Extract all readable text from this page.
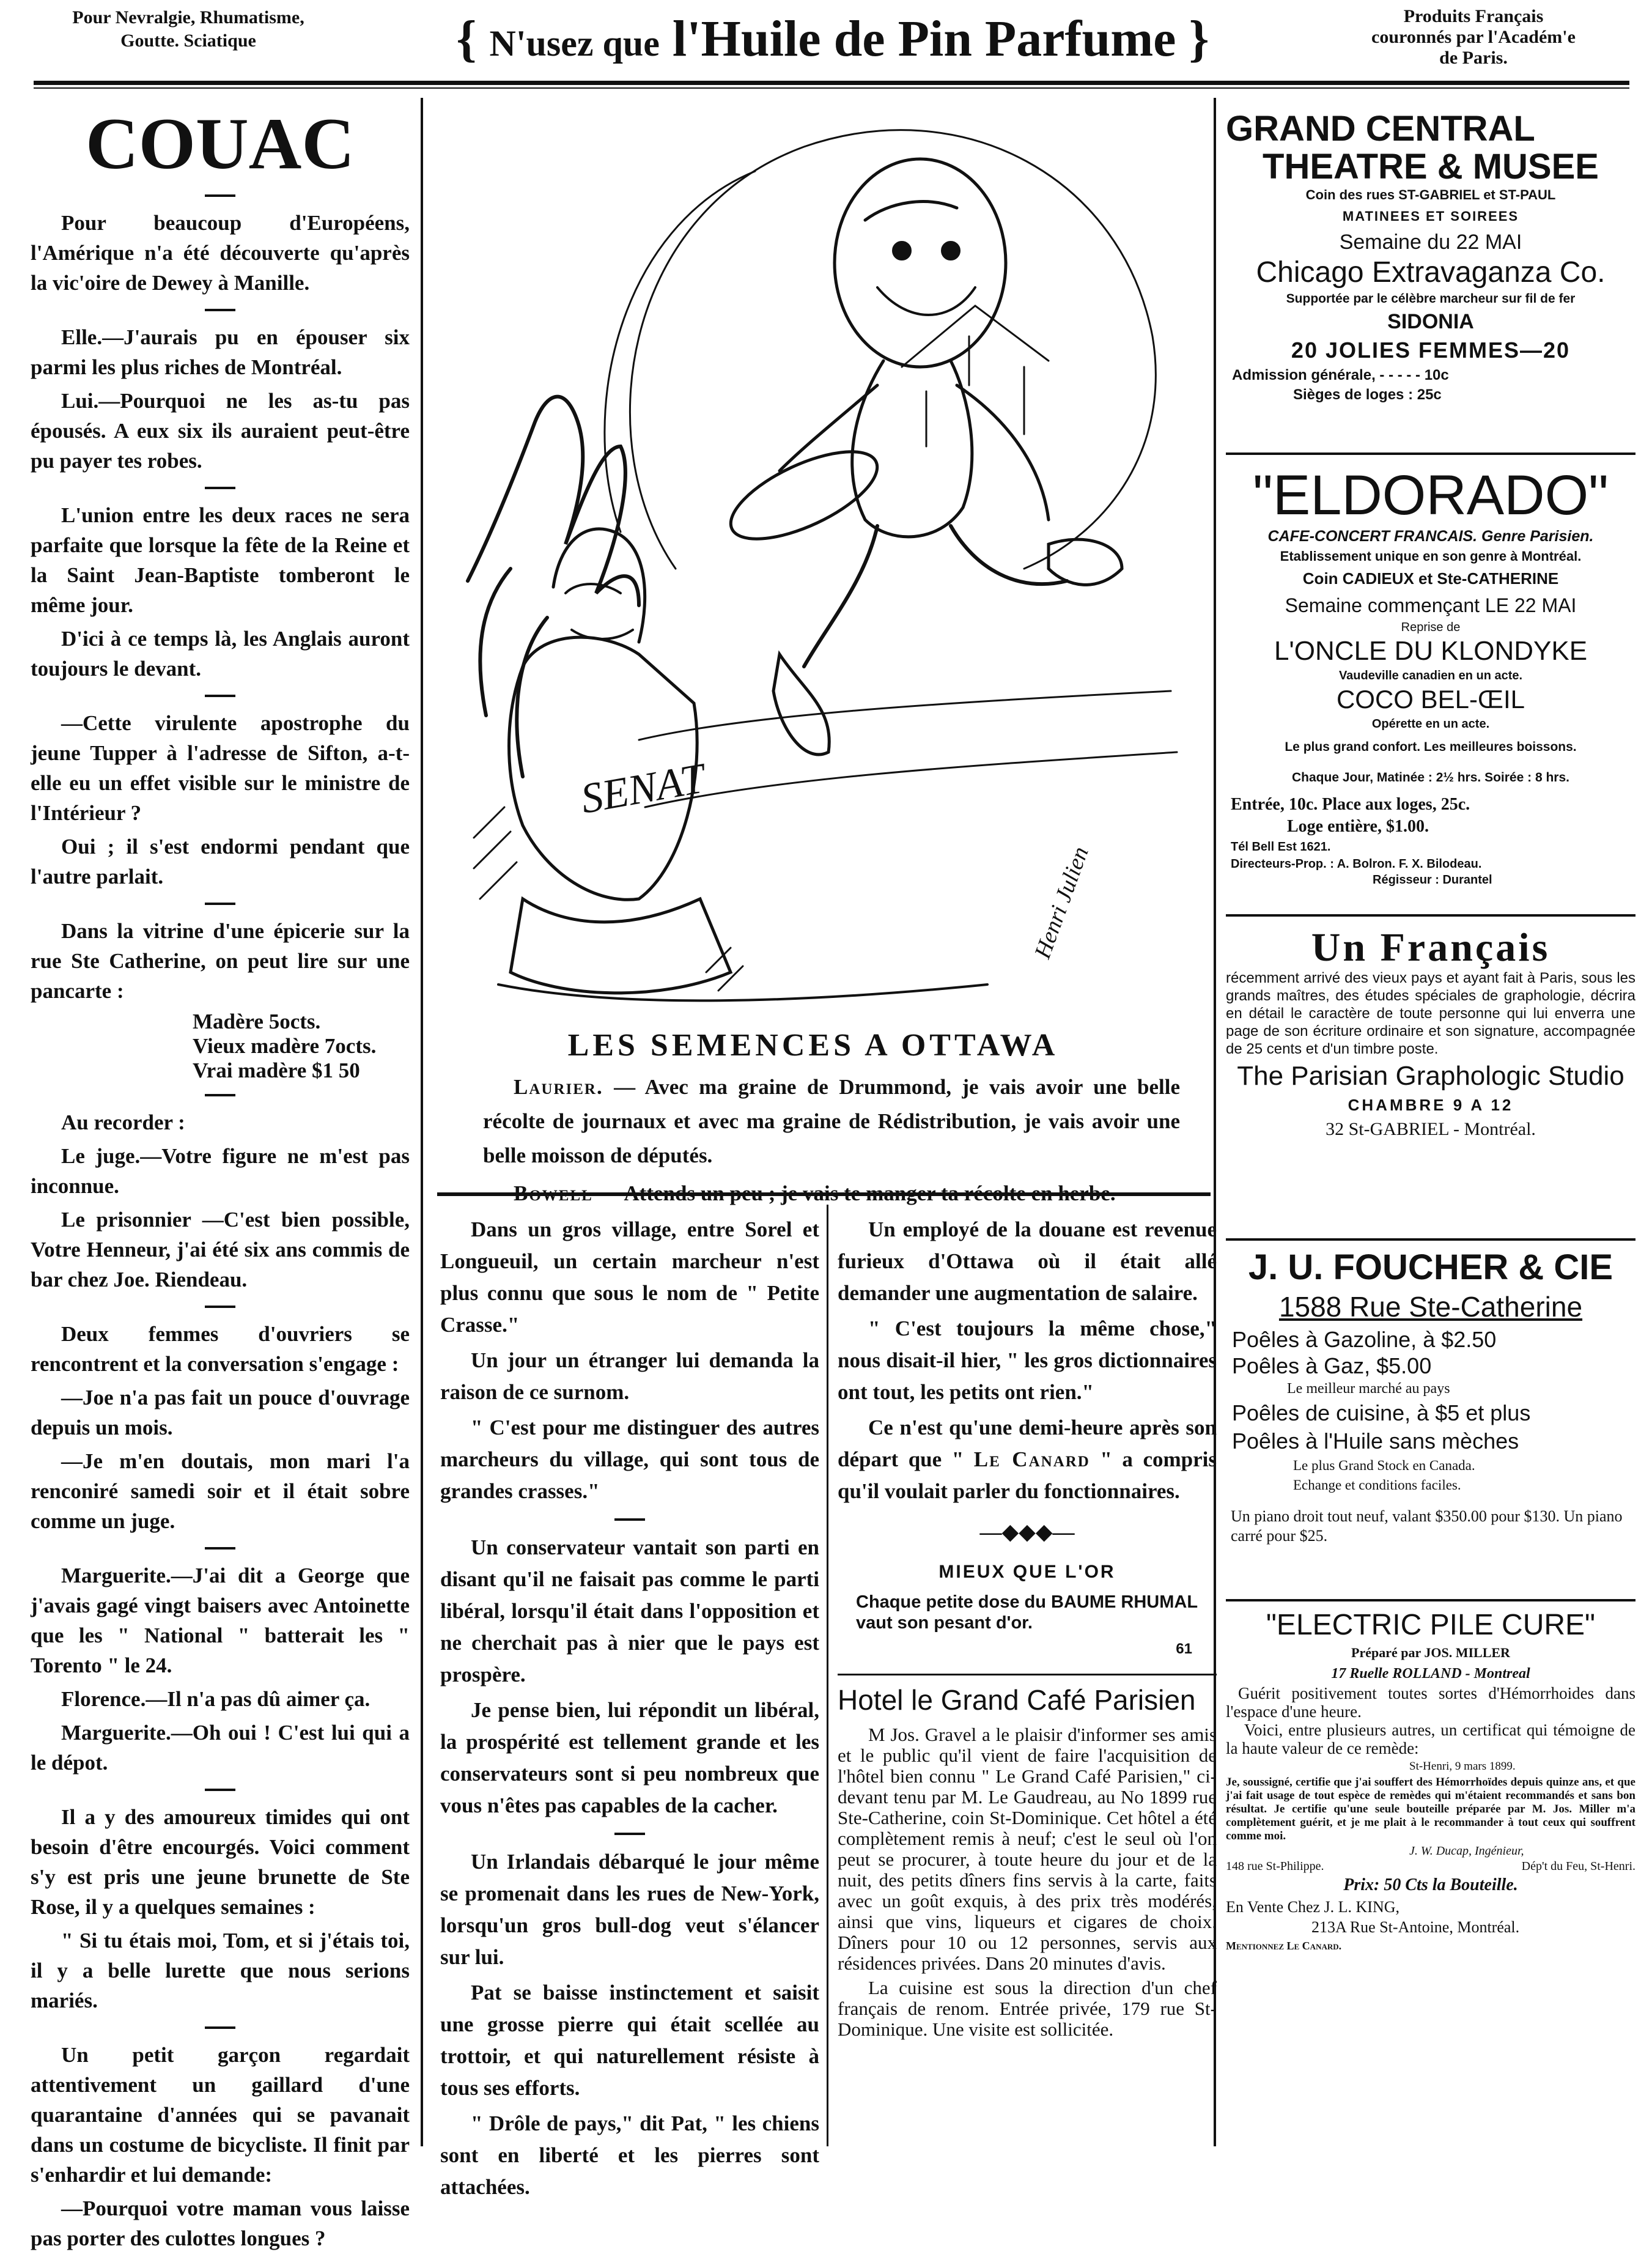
Pour Nevralgie, Rhumatisme,
Goutte. Sciatique	{ N'usez que l'Huile de Pin Parfume }	Produits Français
couronnés par l'Académ'e
de Paris.
COUAC

Pour beaucoup d'Européens, l'Amérique n'a été découverte qu'après la vic'oire de Dewey à Manille.

Elle.—J'aurais pu en épouser six parmi les plus riches de Montréal.

Lui.—Pourquoi ne les as-tu pas épousés. A eux six ils auraient peut-être pu payer tes robes.

L'union entre les deux races ne sera parfaite que lorsque la fête de la Reine et la Saint Jean-Baptiste tomberont le même jour.

D'ici à ce temps là, les Anglais auront toujours le devant.

—Cette virulente apostrophe du jeune Tupper à l'adresse de Sifton, a-t-elle eu un effet visible sur le ministre de l'Intérieur ?

Oui ; il s'est endormi pendant que l'autre parlait.

Dans la vitrine d'une épicerie sur la rue Ste Catherine, on peut lire sur une pancarte :

Madère 5octs.

Vieux madère 7octs.

Vrai madère $1 50

Au recorder :

Le juge.—Votre figure ne m'est pas inconnue.

Le prisonnier —C'est bien possible, Votre Henneur, j'ai été six ans commis de bar chez Joe. Riendeau.

Deux femmes d'ouvriers se rencontrent et la conversation s'engage :

—Joe n'a pas fait un pouce d'ouvrage depuis un mois.

—Je m'en doutais, mon mari l'a renconiré samedi soir et il était sobre comme un juge.

Marguerite.—J'ai dit a George que j'avais gagé vingt baisers avec Antoinette que les " National " batterait les " Torento " le 24.

Florence.—Il n'a pas dû aimer ça.

Marguerite.—Oh oui ! C'est lui qui a le dépot.

Il a y des amoureux timides qui ont besoin d'être encourgés. Voici comment s'y est pris une jeune brunette de Ste Rose, il y a quelques semaines :

" Si tu étais moi, Tom, et si j'étais toi, il y a belle lurette que nous serions mariés.

Un petit garçon regardait attentivement un gaillard d'une quarantaine d'années qui se pavanait dans un costume de bicycliste. Il finit par s'enhardir et lui demande:

—Pourquoi votre maman vous laisse pas porter des culottes longues ?

SENAT
Henri Julien
LES SEMENCES A OTTAWA

Laurier. — Avec ma graine de Drummond, je vais avoir une belle récolte de journaux et avec ma graine de Rédistribution, je vais avoir une belle moisson de députés.

Bowell — Attends un peu ; je vais te manger ta récolte en herbe.

Dans un gros village, entre Sorel et Longueuil, un certain marcheur n'est plus connu que sous le nom de " Petite Crasse."

Un jour un étranger lui demanda la raison de ce surnom.

" C'est pour me distinguer des autres marcheurs du village, qui sont tous de grandes crasses."

Un conservateur vantait son parti en disant qu'il ne faisait pas comme le parti libéral, lorsqu'il était dans l'opposition et ne cherchait pas à nier que le pays est prospère.

Je pense bien, lui répondit un libéral, la prospérité est tellement grande et les conservateurs sont si peu nombreux que vous n'êtes pas capables de la cacher.

Un Irlandais débarqué le jour même se promenait dans les rues de New-York, lorsqu'un gros bull-dog veut s'élancer sur lui.

Pat se baisse instinctement et saisit une grosse pierre qui était scellée au trottoir, et qui naturellement résiste à tous ses efforts.

" Drôle de pays," dit Pat, " les chiens sont en liberté et les pierres sont attachées.

Un employé de la douane est revenue furieux d'Ottawa où il était allé demander une augmentation de salaire.

" C'est toujours la même chose," nous disait-il hier, " les gros dictionnaires ont tout, les petits ont rien."

Ce n'est qu'une demi-heure après son départ que " Le Canard " a compris qu'il voulait parler du fonctionnaires.

—◆◆◆—
MIEUX QUE L'OR
Chaque petite dose du BAUME RHUMAL vaut son pesant d'or.
61
Hotel le Grand Café Parisien

M Jos. Gravel a le plaisir d'informer ses amis et le public qu'il vient de faire l'acquisition de l'hôtel bien connu " Le Grand Café Parisien," ci-devant tenu par M. Le Gaudreau, au No 1899 rue Ste-Catherine, coin St-Dominique. Cet hôtel a été complètement remis à neuf; c'est le seul où l'on peut se procurer, à toute heure du jour et de la nuit, des petits dîners fins servis à la carte, faits avec un goût exquis, à des prix très modérés, ainsi que vins, liqueurs et cigares de choix. Dîners pour 10 ou 12 personnes, servis aux résidences privées. Dans 20 minutes d'avis.

La cuisine est sous la direction d'un chef français de renom. Entrée privée, 179 rue St-Dominique. Une visite est sollicitée.

GRAND CENTRAL
THEATRE & MUSEE
Coin des rues ST-GABRIEL et ST-PAUL
MATINEES ET SOIREES
Semaine du 22 MAI
Chicago Extravaganza Co.
Supportée par le célèbre marcheur sur fil de fer
SIDONIA
20 JOLIES FEMMES—20
Admission générale, - - - - - 10c
Sièges de loges : 25c
"ELDORADO"
CAFE-CONCERT FRANCAIS. Genre Parisien.
Etablissement unique en son genre à Montréal.
Coin CADIEUX et Ste-CATHERINE
Semaine commençant LE 22 MAI
Reprise de
L'ONCLE DU KLONDYKE
Vaudeville canadien en un acte.
COCO BEL-ŒIL
Opérette en un acte.
Le plus grand confort. Les meilleures boissons.
Chaque Jour, Matinée : 2½ hrs. Soirée : 8 hrs.
Entrée, 10c. Place aux loges, 25c.
Loge entière, $1.00.
Tél Bell Est 1621.
Directeurs-Prop. : A. Bolron. F. X. Bilodeau.
Régisseur : Durantel
Un Français
récemment arrivé des vieux pays et ayant fait à Paris, sous les grands maîtres, des études spéciales de graphologie, décrira en détail le caractère de toute personne qui lui enverra une page de son écriture ordinaire et son signature, accompagnée de 25 cents et d'un timbre poste.
The Parisian Graphologic Studio
CHAMBRE 9 A 12
32 St-GABRIEL - Montréal.
J. U. FOUCHER & CIE
1588 Rue Ste-Catherine
Poêles à Gazoline, à $2.50
Poêles à Gaz, $5.00
Le meilleur marché au pays
Poêles de cuisine, à $5 et plus
Poêles à l'Huile sans mèches
Le plus Grand Stock en Canada.
Echange et conditions faciles.
Un piano droit tout neuf, valant $350.00 pour $130. Un piano carré pour $25.
"ELECTRIC PILE CURE"
Préparé par JOS. MILLER
17 Ruelle ROLLAND - Montreal
Guérit positivement toutes sortes d'Hémorrhoides dans l'espace d'une heure.
Voici, entre plusieurs autres, un certificat qui témoigne de la haute valeur de ce remède:
St-Henri, 9 mars 1899.
Je, soussigné, certifie que j'ai souffert des Hémorrhoïdes depuis quinze ans, et que j'ai fait usage de tout espèce de remèdes qui m'étaient recommandés et sans bon résultat. Je certifie qu'une seule bouteille préparée par M. Jos. Miller m'a complètement guérit, et je me plait à le recommander à tout ceux qui souffrent comme moi.
J. W. Ducap, Ingénieur,
148 rue St-Philippe.	Dép't du Feu, St-Henri.
Prix: 50 Cts la Bouteille.
En Vente Chez J. L. KING,
213A Rue St-Antoine, Montréal.
Mentionnez Le Canard.
